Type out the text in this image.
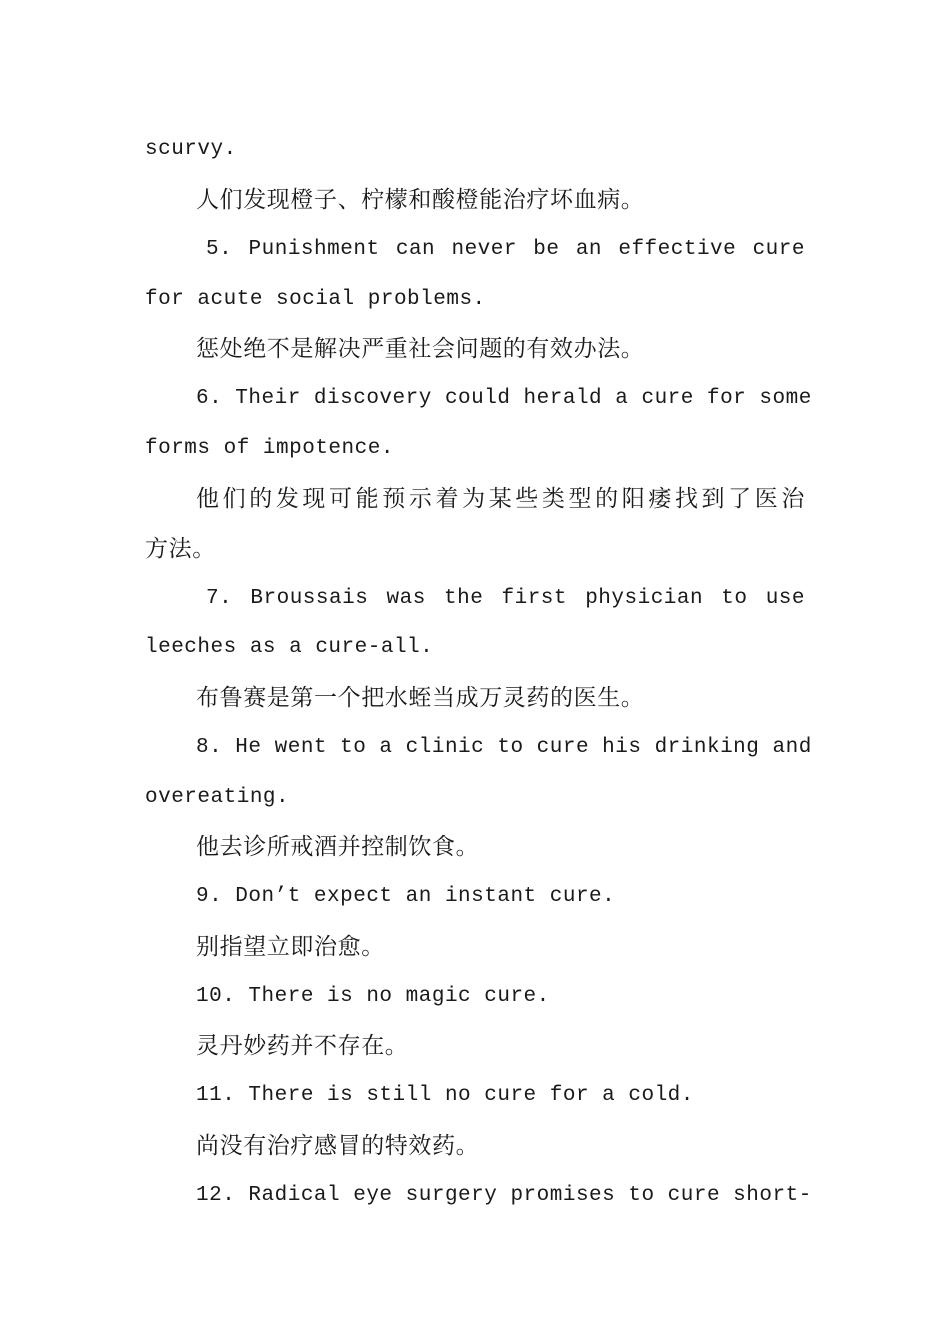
scurvy.
人们发现橙子、柠檬和酸橙能治疗坏血病。
5. Punishment can never be an effective cure
for acute social problems.
惩处绝不是解决严重社会问题的有效办法。
6. Their discovery could herald a cure for some
forms of impotence.
他们的发现可能预示着为某些类型的阳痿找到了医治
方法。
7. Broussais was the first physician to use
leeches as a cure-all.
布鲁赛是第一个把水蛭当成万灵药的医生。
8. He went to a clinic to cure his drinking and
overeating.
他去诊所戒酒并控制饮食。
9. Don’t expect an instant cure.
别指望立即治愈。
10. There is no magic cure.
灵丹妙药并不存在。
11. There is still no cure for a cold.
尚没有治疗感冒的特效药。
12. Radical eye surgery promises to cure short-
